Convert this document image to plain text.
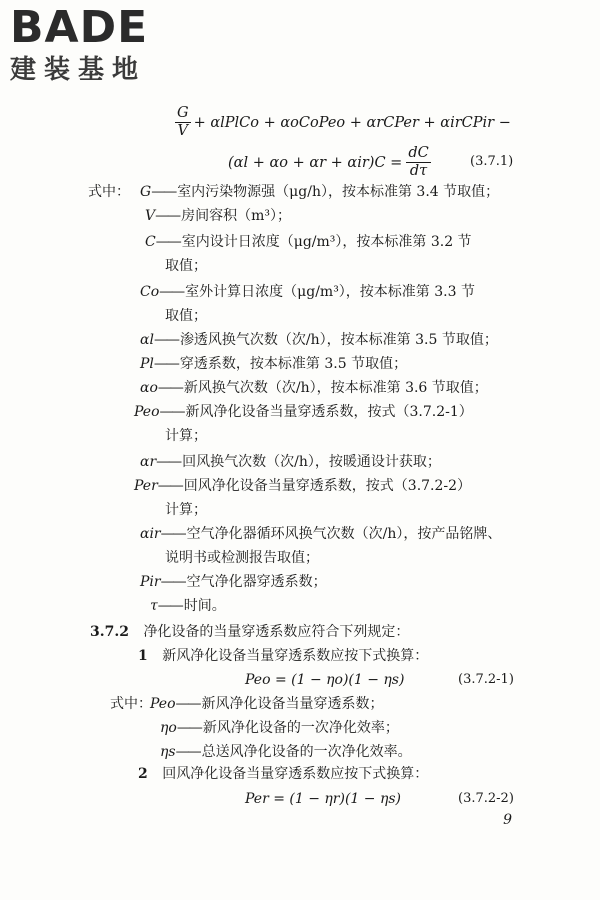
BADE
建装基地
$\frac{G}{V}$ + αlPlCo + αoCoPeo + αrCPer + αirCPir −
$(\alpha l + \alpha o + \alpha r + \alpha ir)C = \frac{dC}{d\tau}$	(3.7.1)
式中： G—— 室内污染物源强（μg/h），按本标准第 3.4 节取值；
V—— 房间容积（m³）；
C—— 室内设计日浓度（μg/m³），按本标准第 3.2 节
取值；
Co—— 室外计算日浓度（μg/m³），按本标准第 3.3 节
取值；
αl—— 渗透风换气次数（次/h），按本标准第 3.5 节取值；
Pl—— 穿透系数，按本标准第 3.5 节取值；
αo—— 新风换气次数（次/h），按本标准第 3.6 节取值；
Peo—— 新风净化设备当量穿透系数，按式（3.7.2-1）
计算；
αr—— 回风换气次数（次/h），按暖通设计获取；
Per—— 回风净化设备当量穿透系数，按式（3.7.2-2）
计算；
αir—— 空气净化器循环风换气次数（次/h），按产品铭牌、
说明书或检测报告取值；
Pir—— 空气净化器穿透系数；
τ—— 时间。
3.7.2 净化设备的当量穿透系数应符合下列规定：
1 新风净化设备当量穿透系数应按下式换算：
Peo = (1 − ηo)(1 − ηs)	(3.7.2-1)
式中：
Peo—— 新风净化设备当量穿透系数；
ηo—— 新风净化设备的一次净化效率；
ηs—— 总送风净化设备的一次净化效率。
2 回风净化设备当量穿透系数应按下式换算：
Per = (1 − ηr)(1 − ηs)	(3.7.2-2)
9
